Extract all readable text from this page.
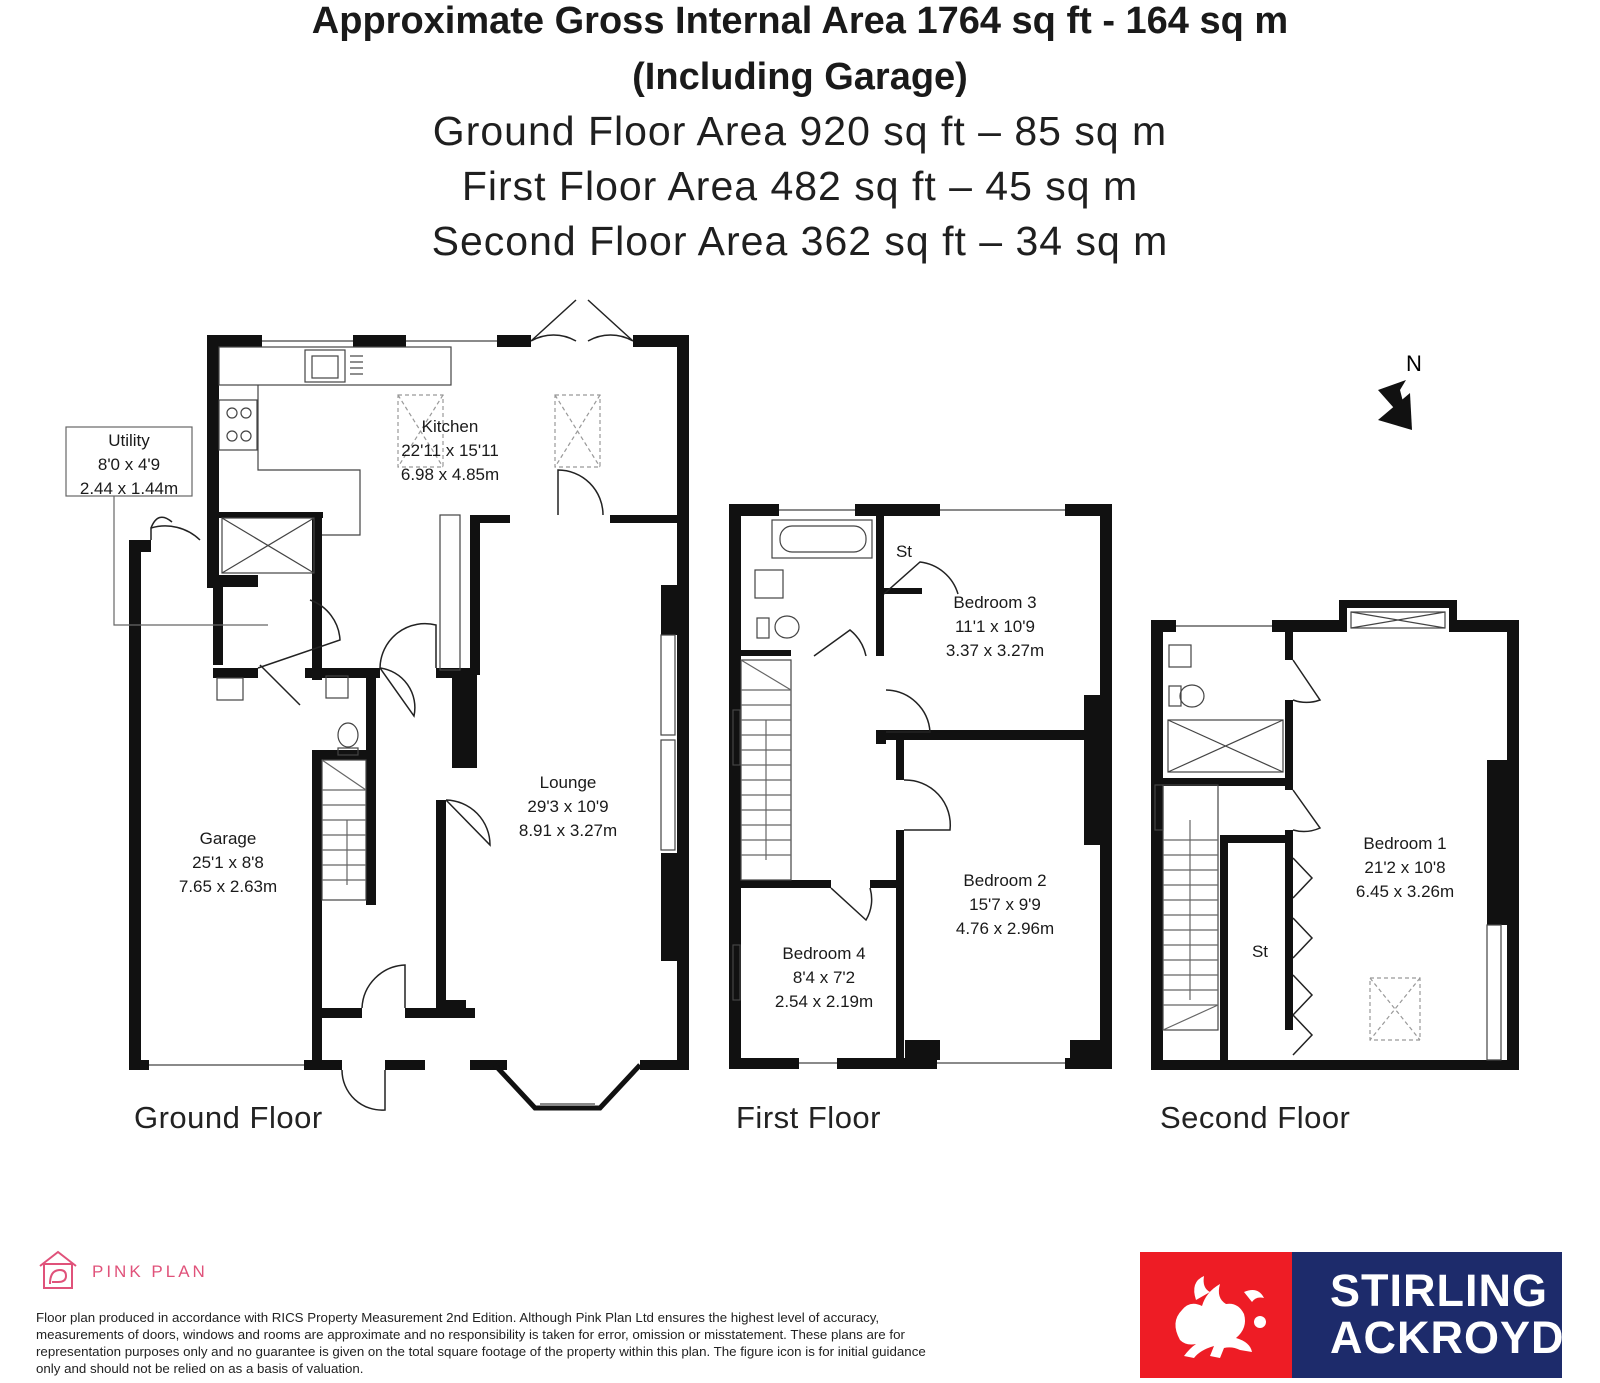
Approximate Gross Internal Area 1764 sq ft - 164 sq m
(Including Garage)
Ground Floor Area 920 sq ft – 85 sq m
First Floor Area 482 sq ft – 45 sq m
Second Floor Area 362 sq ft – 34 sq m
N
Utility
8'0 x 4'9
2.44 x 1.44m
Kitchen
22'11 x 15'11
6.98 x 4.85m
Lounge
29'3 x 10'9
8.91 x 3.27m
Garage
25'1 x 8'8
7.65 x 2.63m
St
Bedroom 3
11'1 x 10'9
3.37 x 3.27m
Bedroom 2
15'7 x 9'9
4.76 x 2.96m
Bedroom 4
8'4 x 7'2
2.54 x 2.19m
St
Bedroom 1
21'2 x 10'8
6.45 x 3.26m
Ground Floor	First Floor	Second Floor
PINK PLAN
Floor plan produced in accordance with RICS Property Measurement 2nd Edition. Although Pink Plan Ltd ensures the highest level of accuracy, measurements of doors, windows and rooms are approximate and no responsibility is taken for error, omission or misstatement. These plans are for representation purposes only and no guarantee is given on the total square footage of the property within this plan. The figure icon is for initial guidance only and should not be relied on as a basis of valuation.
STIRLING
ACKROYD
